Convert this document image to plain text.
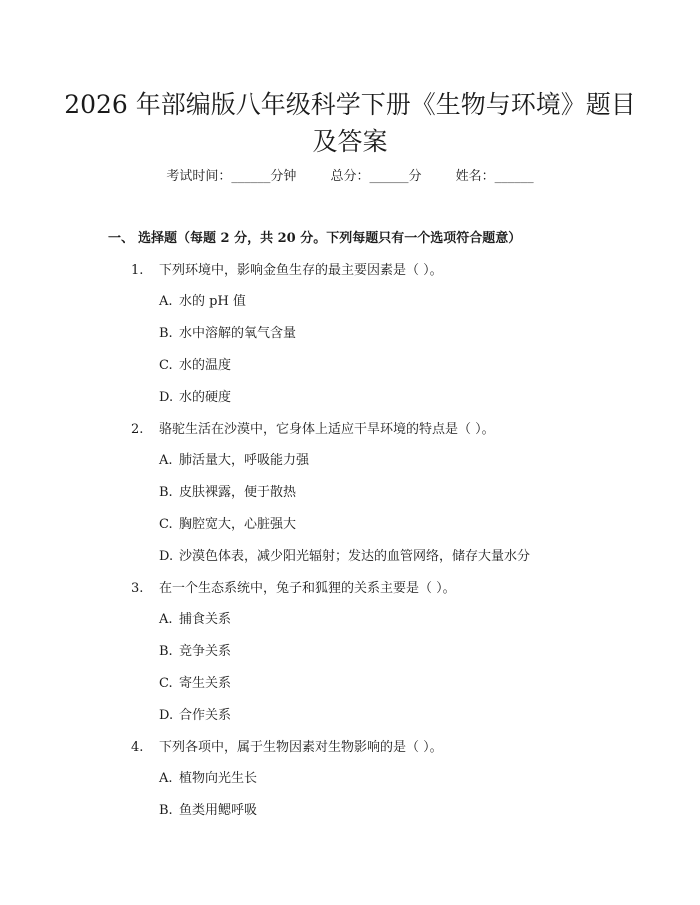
2026 年部编版八年级科学下册《生物与环境》题目及答案
考试时间：______分钟	总分：______分	姓名：______
一、 选择题（每题 2 分，共 20 分。下列每题只有一个选项符合题意）
1. 下列环境中，影响金鱼生存的最主要因素是（ ）。
A. 水的 pH 值
B. 水中溶解的氧气含量
C. 水的温度
D. 水的硬度
2. 骆驼生活在沙漠中，它身体上适应干旱环境的特点是（ ）。
A. 肺活量大，呼吸能力强
B. 皮肤裸露，便于散热
C. 胸腔宽大，心脏强大
D. 沙漠色体表，减少阳光辐射；发达的血管网络，储存大量水分
3. 在一个生态系统中，兔子和狐狸的关系主要是（ ）。
A. 捕食关系
B. 竞争关系
C. 寄生关系
D. 合作关系
4. 下列各项中，属于生物因素对生物影响的是（ ）。
A. 植物向光生长
B. 鱼类用鳃呼吸
